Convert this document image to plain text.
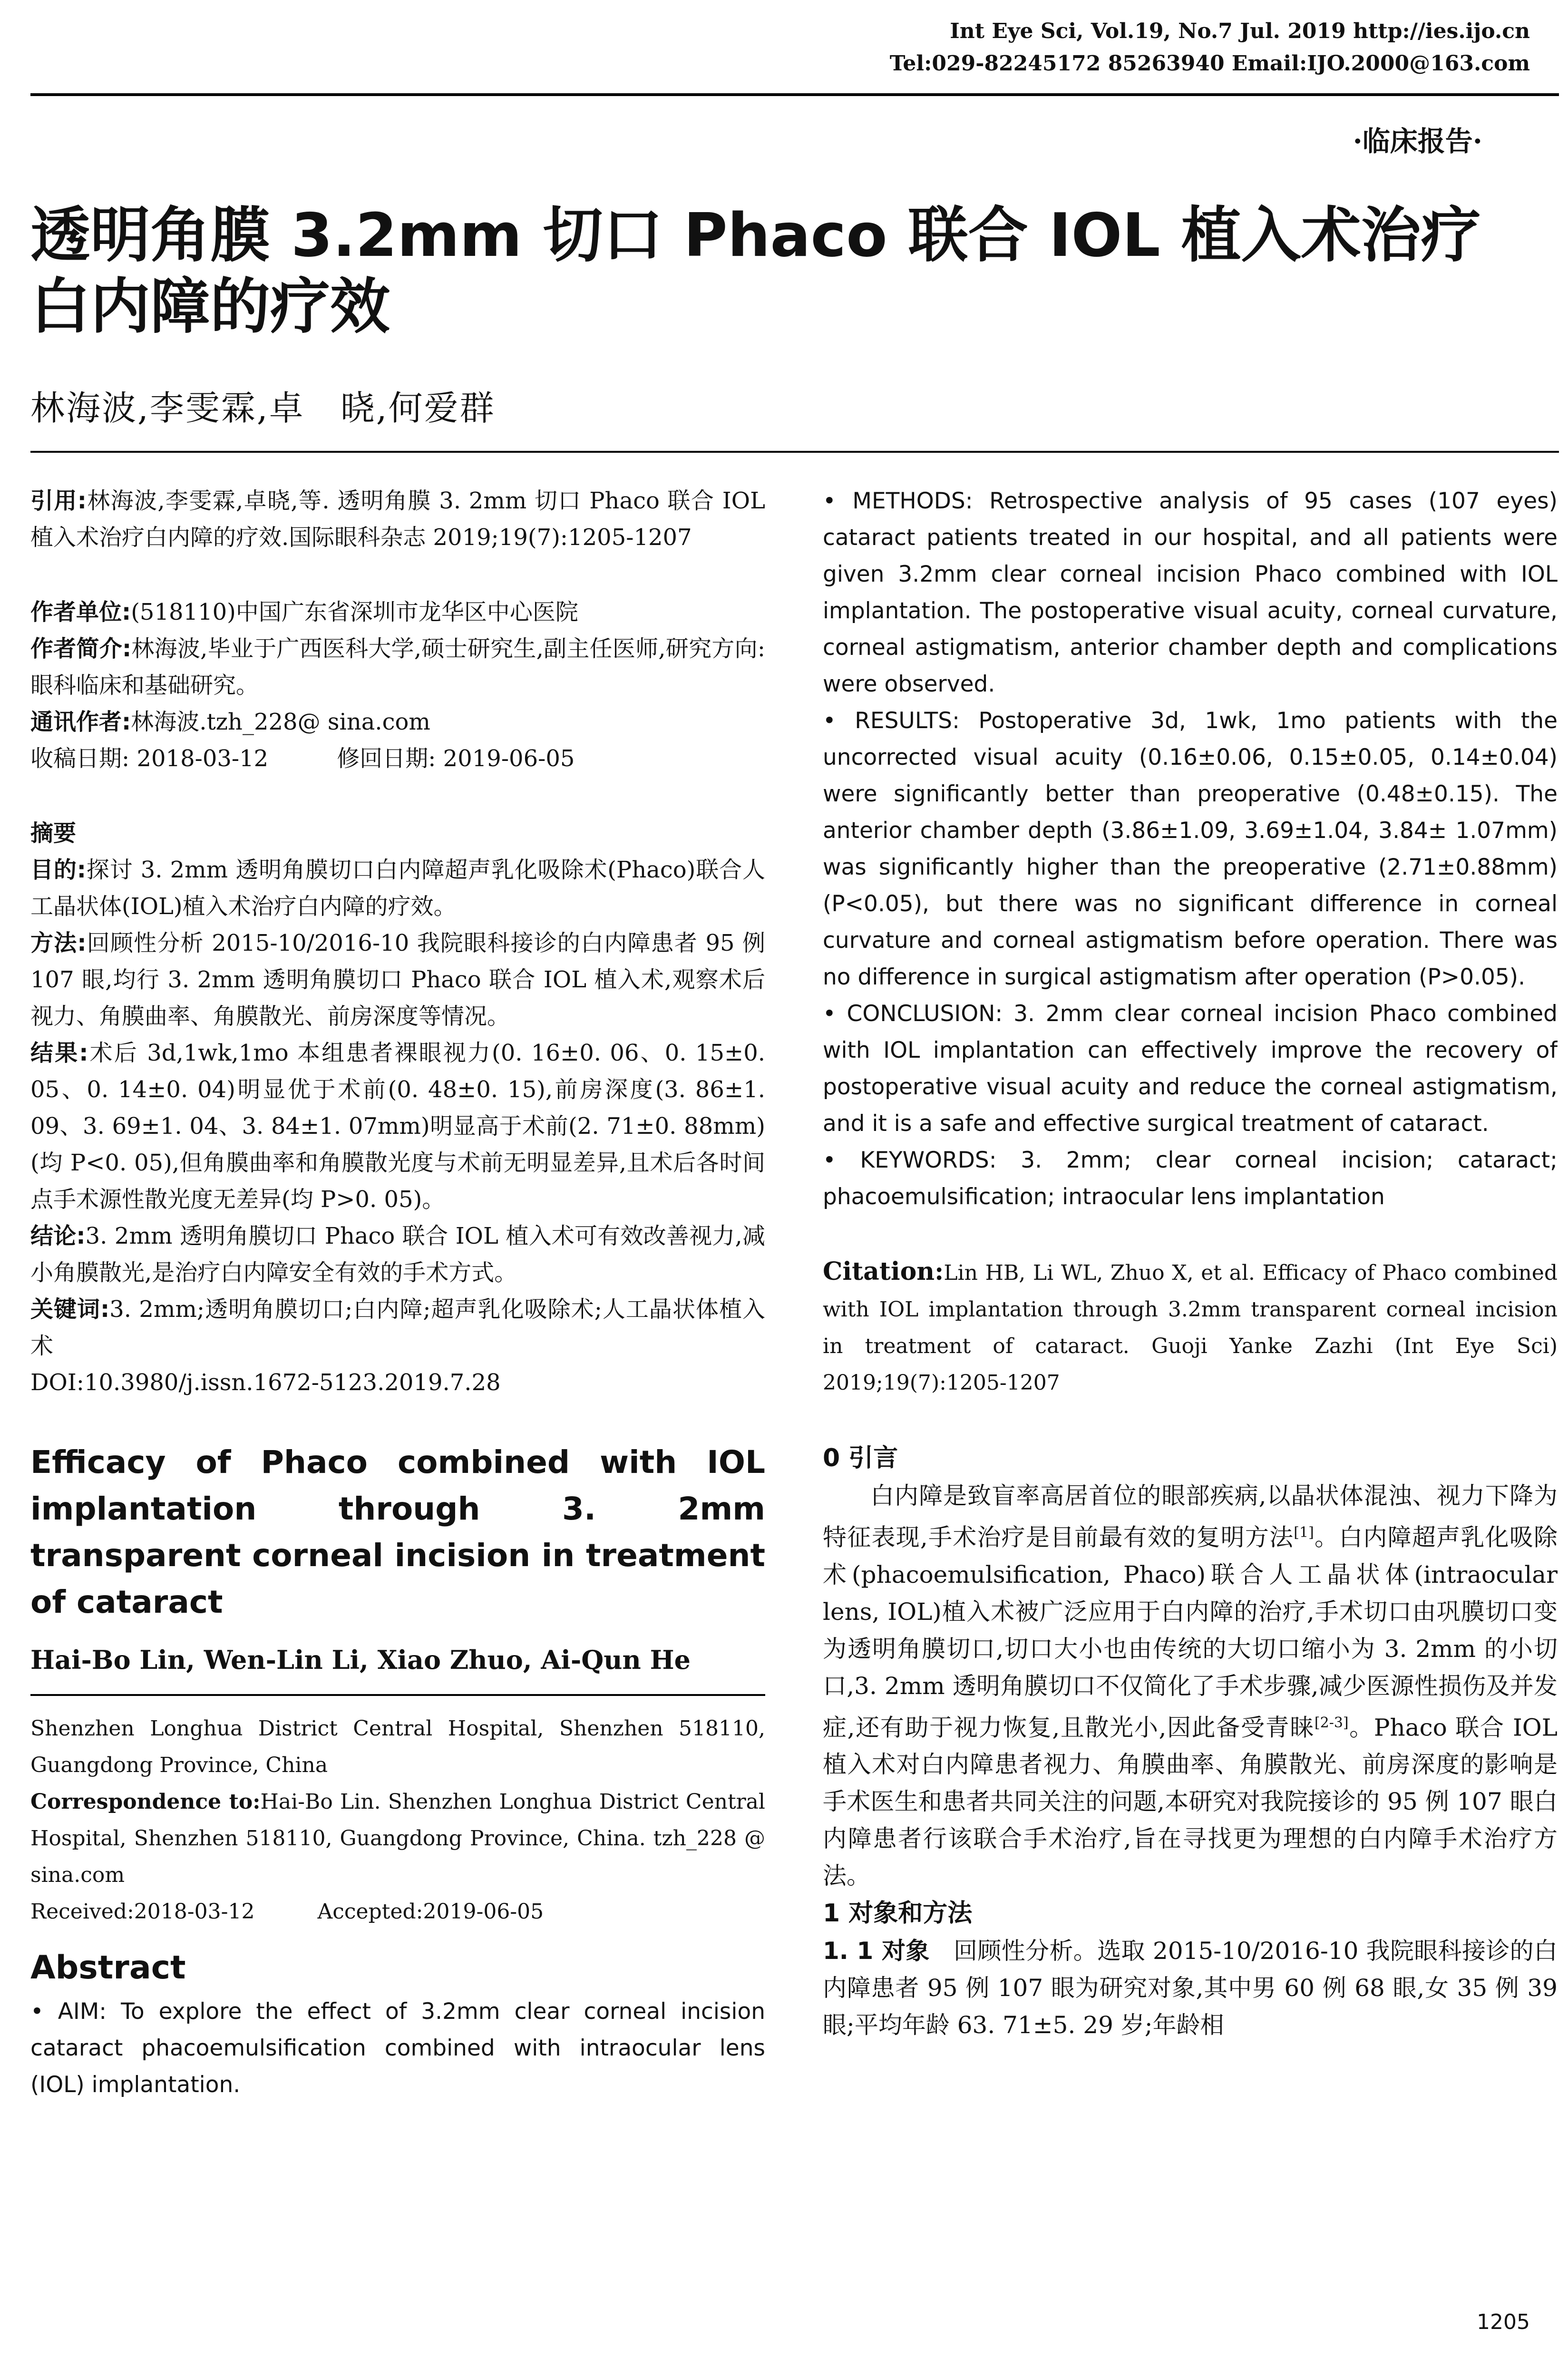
Int Eye Sci, Vol.19, No.7 Jul. 2019 http://ies.ijo.cn
Tel:029-82245172 85263940 Email:IJO.2000@163.com
·临床报告·
透明角膜 3.2mm 切口 Phaco 联合 IOL 植入术治疗白内障的疗效
林海波,李雯霖,卓　晓,何爱群

引用:林海波,李雯霖,卓晓,等. 透明角膜 3. 2mm 切口 Phaco 联合 IOL 植入术治疗白内障的疗效.国际眼科杂志 2019;19(7):1205-1207

作者单位:(518110)中国广东省深圳市龙华区中心医院

作者简介:林海波,毕业于广西医科大学,硕士研究生,副主任医师,研究方向:眼科临床和基础研究。

通讯作者:林海波.tzh_228@ sina.com

收稿日期: 2018-03-12　　　	修回日期: 2019-06-05

摘要

目的:探讨 3. 2mm 透明角膜切口白内障超声乳化吸除术(Phaco)联合人工晶状体(IOL)植入术治疗白内障的疗效。

方法:回顾性分析 2015-10/2016-10 我院眼科接诊的白内障患者 95 例 107 眼,均行 3. 2mm 透明角膜切口 Phaco 联合 IOL 植入术,观察术后视力、角膜曲率、角膜散光、前房深度等情况。

结果:术后 3d,1wk,1mo 本组患者裸眼视力(0. 16±0. 06、0. 15±0. 05、0. 14±0. 04)明显优于术前(0. 48±0. 15),前房深度(3. 86±1. 09、3. 69±1. 04、3. 84±1. 07mm)明显高于术前(2. 71±0. 88mm)(均 P<0. 05),但角膜曲率和角膜散光度与术前无明显差异,且术后各时间点手术源性散光度无差异(均 P>0. 05)。

结论:3. 2mm 透明角膜切口 Phaco 联合 IOL 植入术可有效改善视力,减小角膜散光,是治疗白内障安全有效的手术方式。

关键词:3. 2mm;透明角膜切口;白内障;超声乳化吸除术;人工晶状体植入术

DOI:10.3980/j.issn.1672-5123.2019.7.28

Efficacy of Phaco combined with IOL implantation through 3. 2mm transparent corneal incision in treatment of cataract

Hai-Bo Lin, Wen-Lin Li, Xiao Zhuo, Ai-Qun He

Shenzhen Longhua District Central Hospital, Shenzhen 518110, Guangdong Province, China

Correspondence to:Hai-Bo Lin. Shenzhen Longhua District Central Hospital, Shenzhen 518110, Guangdong Province, China. tzh_228 @ sina.com

Received:2018-03-12　　　	Accepted:2019-06-05

Abstract

• AIM: To explore the effect of 3.2mm clear corneal incision cataract phacoemulsification combined with intraocular lens (IOL) implantation.

• METHODS: Retrospective analysis of 95 cases (107 eyes) cataract patients treated in our hospital, and all patients were given 3.2mm clear corneal incision Phaco combined with IOL implantation. The postoperative visual acuity, corneal curvature, corneal astigmatism, anterior chamber depth and complications were observed.

• RESULTS: Postoperative 3d, 1wk, 1mo patients with the uncorrected visual acuity (0.16±0.06, 0.15±0.05, 0.14±0.04) were significantly better than preoperative (0.48±0.15). The anterior chamber depth (3.86±1.09, 3.69±1.04, 3.84± 1.07mm) was significantly higher than the preoperative (2.71±0.88mm) (P<0.05), but there was no significant difference in corneal curvature and corneal astigmatism before operation. There was no difference in surgical astigmatism after operation (P>0.05).

• CONCLUSION: 3. 2mm clear corneal incision Phaco combined with IOL implantation can effectively improve the recovery of postoperative visual acuity and reduce the corneal astigmatism, and it is a safe and effective surgical treatment of cataract.

• KEYWORDS: 3. 2mm; clear corneal incision; cataract; phacoemulsification; intraocular lens implantation

Citation:Lin HB, Li WL, Zhuo X, et al. Efficacy of Phaco combined with IOL implantation through 3.2mm transparent corneal incision in treatment of cataract. Guoji Yanke Zazhi (Int Eye Sci) 2019;19(7):1205-1207

0 引言

白内障是致盲率高居首位的眼部疾病,以晶状体混浊、视力下降为特征表现,手术治疗是目前最有效的复明方法[1]。白内障超声乳化吸除术(phacoemulsification, Phaco)联合人工晶状体(intraocular lens, IOL)植入术被广泛应用于白内障的治疗,手术切口由巩膜切口变为透明角膜切口,切口大小也由传统的大切口缩小为 3. 2mm 的小切口,3. 2mm 透明角膜切口不仅简化了手术步骤,减少医源性损伤及并发症,还有助于视力恢复,且散光小,因此备受青睐[2-3]。Phaco 联合 IOL 植入术对白内障患者视力、角膜曲率、角膜散光、前房深度的影响是手术医生和患者共同关注的问题,本研究对我院接诊的 95 例 107 眼白内障患者行该联合手术治疗,旨在寻找更为理想的白内障手术治疗方法。

1 对象和方法

1. 1 对象　 回顾性分析。选取 2015-10/2016-10 我院眼科接诊的白内障患者 95 例 107 眼为研究对象,其中男 60 例 68 眼,女 35 例 39 眼;平均年龄 63. 71±5. 29 岁;年龄相

1205
